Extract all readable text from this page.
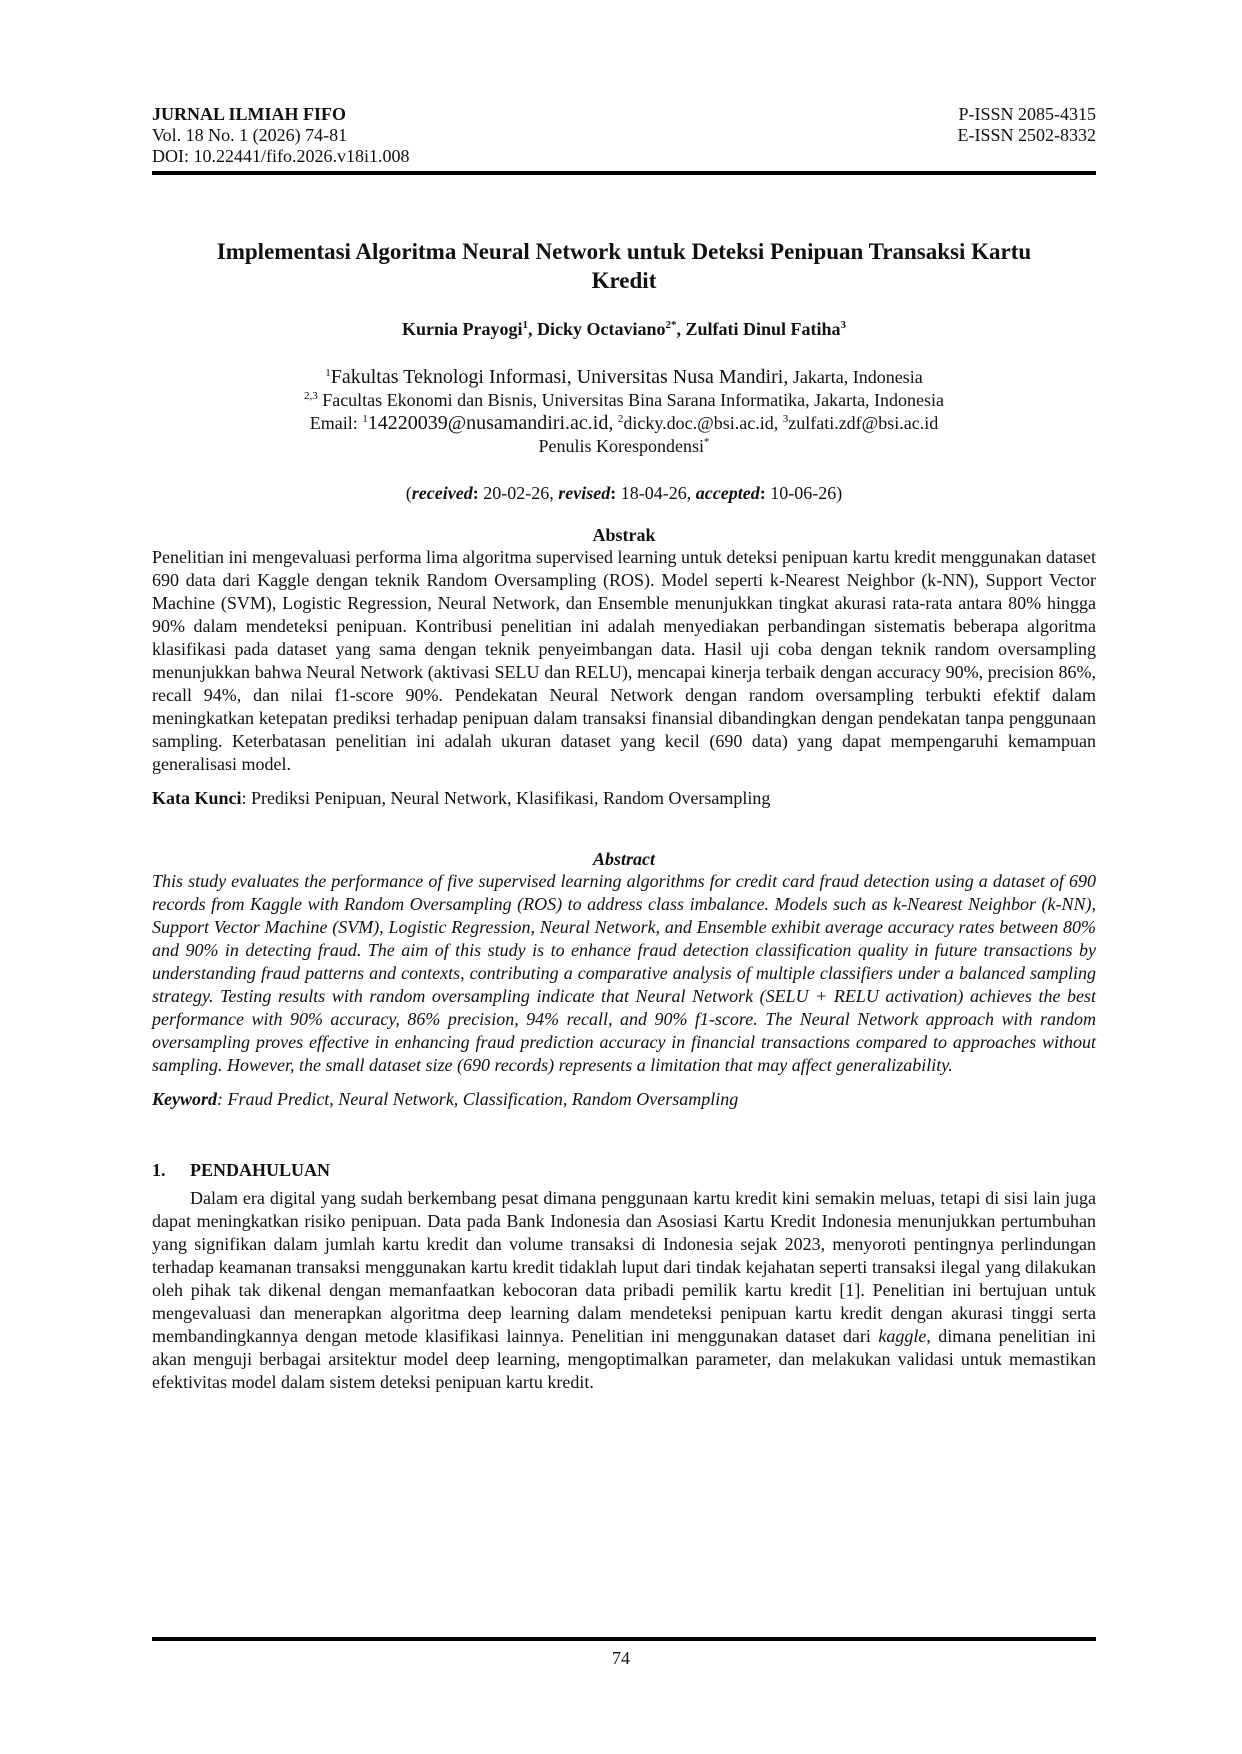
JURNAL ILMIAH FIFO
Vol. 18 No. 1 (2026) 74-81
DOI: 10.22441/fifo.2026.v18i1.008
P-ISSN 2085-4315
E-ISSN 2502-8332
Implementasi Algoritma Neural Network untuk Deteksi Penipuan Transaksi Kartu Kredit
Kurnia Prayogi$^1$, Dicky Octaviano$^{2*}$, Zulfati Dinul Fatiha$^3$
$^1$Fakultas Teknologi Informasi, Universitas Nusa Mandiri, Jakarta, Indonesia
$^{2,3}$ Facultas Ekonomi dan Bisnis, Universitas Bina Sarana Informatika, Jakarta, Indonesia
Email: $^1$14220039@nusamandiri.ac.id, $^2$dicky.doc.@bsi.ac.id, $^3$zulfati.zdf@bsi.ac.id
Penulis Korespondensi*
(received: 20-02-26, revised: 18-04-26, accepted: 10-06-26)
Abstrak
Penelitian ini mengevaluasi performa lima algoritma supervised learning untuk deteksi penipuan kartu kredit menggunakan dataset 690 data dari Kaggle dengan teknik Random Oversampling (ROS). Model seperti k-Nearest Neighbor (k-NN), Support Vector Machine (SVM), Logistic Regression, Neural Network, dan Ensemble menunjukkan tingkat akurasi rata-rata antara 80% hingga 90% dalam mendeteksi penipuan. Kontribusi penelitian ini adalah menyediakan perbandingan sistematis beberapa algoritma klasifikasi pada dataset yang sama dengan teknik penyeimbangan data. Hasil uji coba dengan teknik random oversampling menunjukkan bahwa Neural Network (aktivasi SELU dan RELU), mencapai kinerja terbaik dengan accuracy 90%, precision 86%, recall 94%, dan nilai f1-score 90%. Pendekatan Neural Network dengan random oversampling terbukti efektif dalam meningkatkan ketepatan prediksi terhadap penipuan dalam transaksi finansial dibandingkan dengan pendekatan tanpa penggunaan sampling. Keterbatasan penelitian ini adalah ukuran dataset yang kecil (690 data) yang dapat mempengaruhi kemampuan generalisasi model.
Kata Kunci: Prediksi Penipuan, Neural Network, Klasifikasi, Random Oversampling
Abstract
This study evaluates the performance of five supervised learning algorithms for credit card fraud detection using a dataset of 690 records from Kaggle with Random Oversampling (ROS) to address class imbalance. Models such as k-Nearest Neighbor (k-NN), Support Vector Machine (SVM), Logistic Regression, Neural Network, and Ensemble exhibit average accuracy rates between 80% and 90% in detecting fraud. The aim of this study is to enhance fraud detection classification quality in future transactions by understanding fraud patterns and contexts, contributing a comparative analysis of multiple classifiers under a balanced sampling strategy. Testing results with random oversampling indicate that Neural Network (SELU + RELU activation) achieves the best performance with 90% accuracy, 86% precision, 94% recall, and 90% f1-score. The Neural Network approach with random oversampling proves effective in enhancing fraud prediction accuracy in financial transactions compared to approaches without sampling. However, the small dataset size (690 records) represents a limitation that may affect generalizability.
Keyword: Fraud Predict, Neural Network, Classification, Random Oversampling
1. PENDAHULUAN
Dalam era digital yang sudah berkembang pesat dimana penggunaan kartu kredit kini semakin meluas, tetapi di sisi lain juga dapat meningkatkan risiko penipuan. Data pada Bank Indonesia dan Asosiasi Kartu Kredit Indonesia menunjukkan pertumbuhan yang signifikan dalam jumlah kartu kredit dan volume transaksi di Indonesia sejak 2023, menyoroti pentingnya perlindungan terhadap keamanan transaksi menggunakan kartu kredit tidaklah luput dari tindak kejahatan seperti transaksi ilegal yang dilakukan oleh pihak tak dikenal dengan memanfaatkan kebocoran data pribadi pemilik kartu kredit [1]. Penelitian ini bertujuan untuk mengevaluasi dan menerapkan algoritma deep learning dalam mendeteksi penipuan kartu kredit dengan akurasi tinggi serta membandingkannya dengan metode klasifikasi lainnya. Penelitian ini menggunakan dataset dari kaggle, dimana penelitian ini akan menguji berbagai arsitektur model deep learning, mengoptimalkan parameter, dan melakukan validasi untuk memastikan efektivitas model dalam sistem deteksi penipuan kartu kredit.
74
